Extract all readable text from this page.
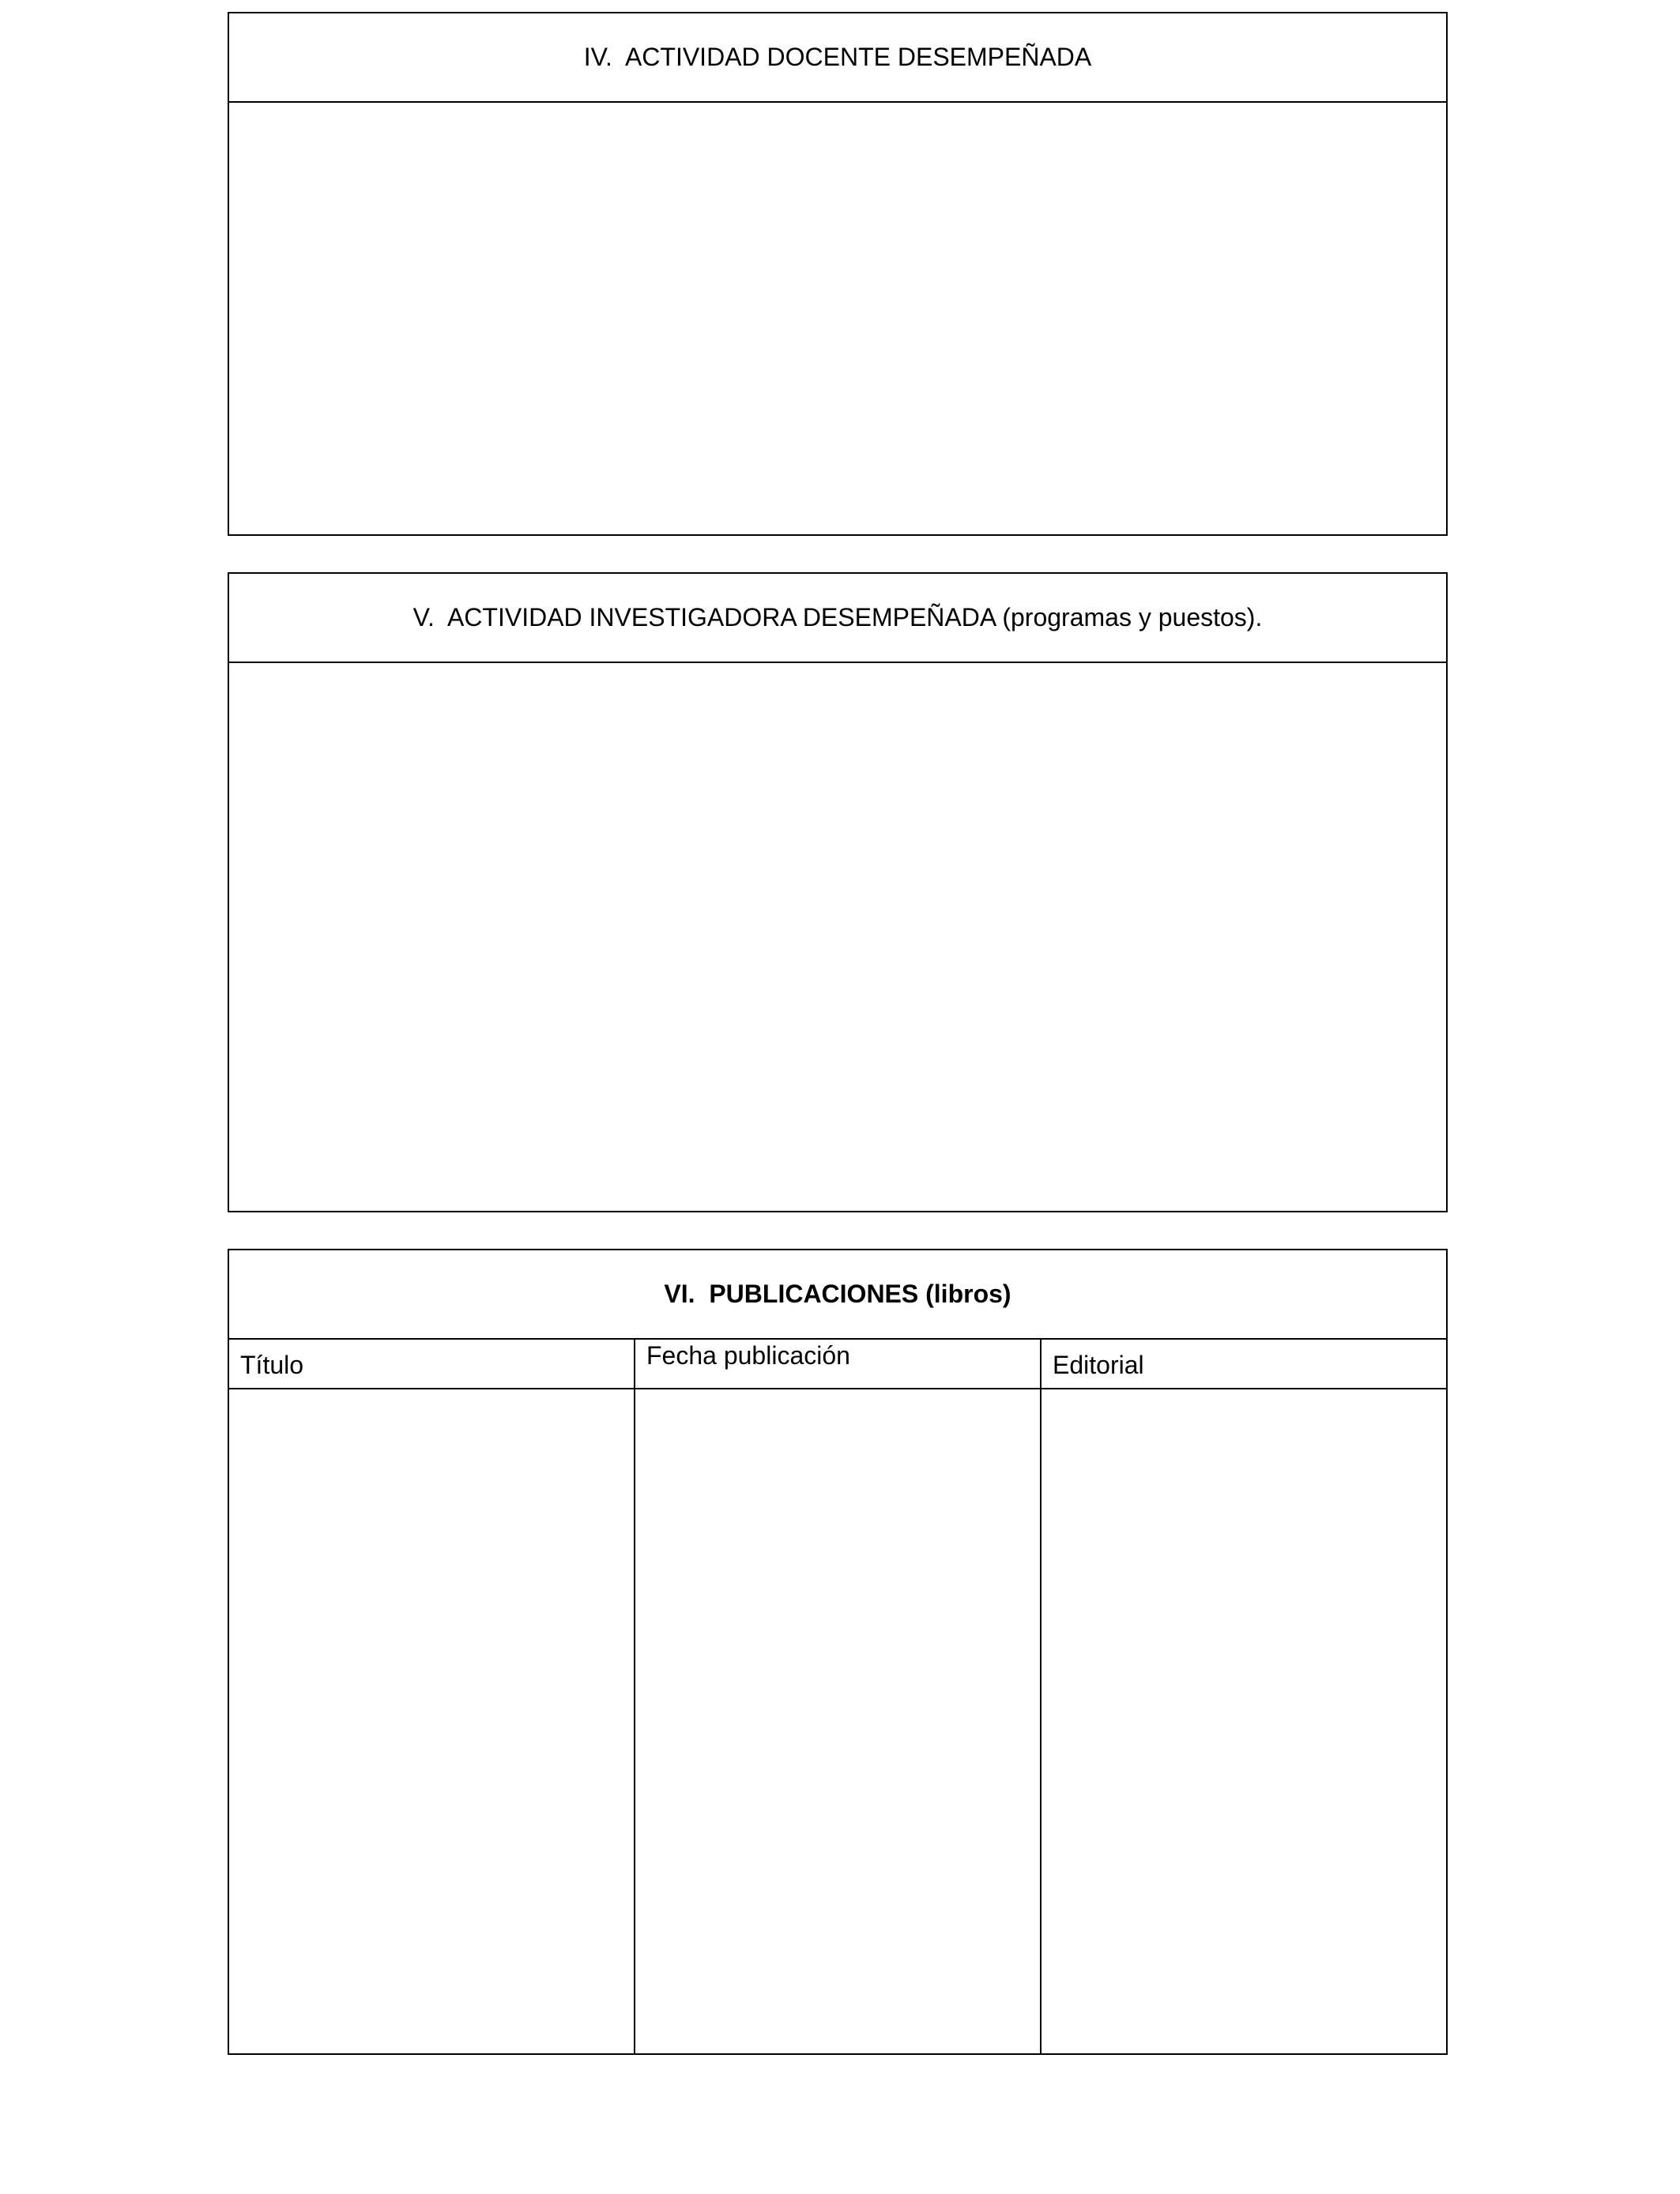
IV.  ACTIVIDAD DOCENTE DESEMPEÑADA
V.  ACTIVIDAD INVESTIGADORA DESEMPEÑADA (programas y puestos).
VI.  PUBLICACIONES (libros)
Título	Fecha publicación	Editorial
